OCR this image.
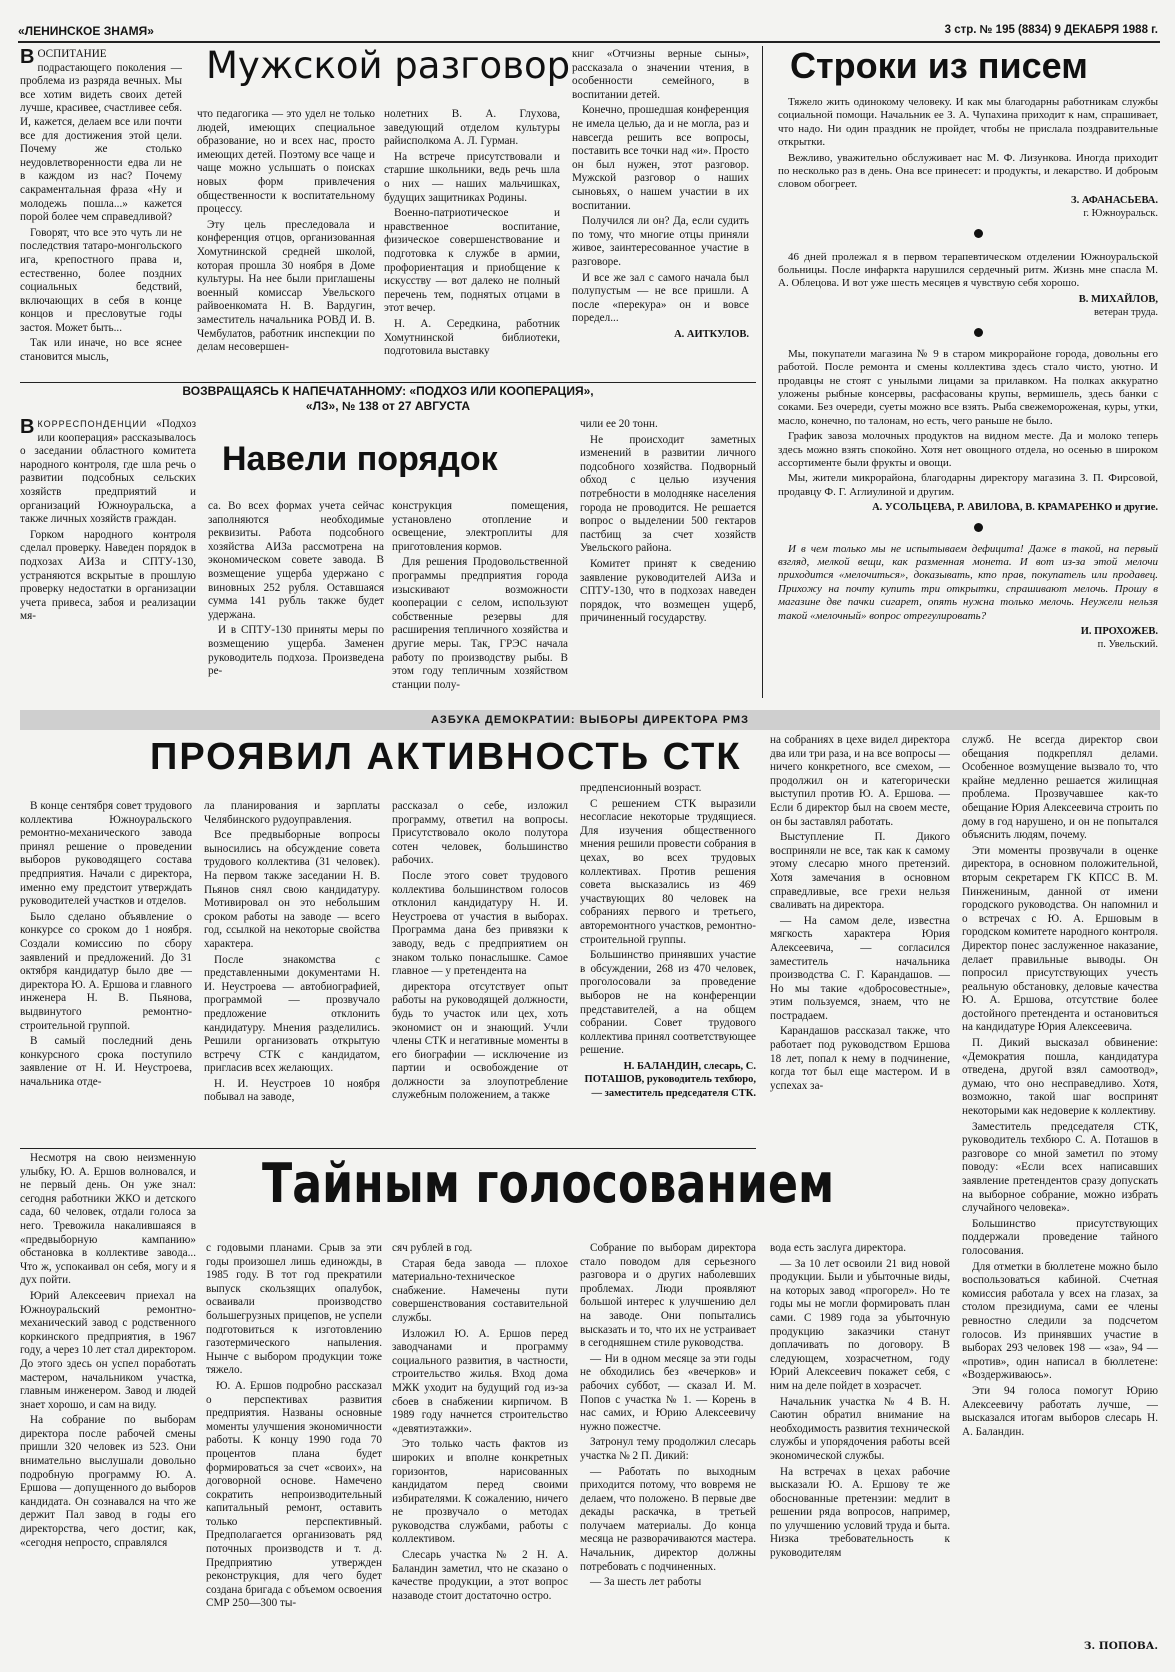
«ЛЕНИНСКОЕ ЗНАМЯ»	3 стр. № 195 (8834) 9 ДЕКАБРЯ 1988 г.

ВОСПИТАНИЕ подрастающего поколения — проблема из разряда вечных. Мы все хотим видеть своих детей лучше, красивее, счастливее себя. И, кажется, делаем все или почти все для достижения этой цели. Почему же столько неудовлетворенности едва ли не в каждом из нас? Почему сакраментальная фраза «Ну и молодежь пошла...» кажется порой более чем справедливой?

Говорят, что все это чуть ли не последствия татаро-монгольского ига, крепостного права и, естественно, более поздних социальных бедствий, включающих в себя в конце концов и пресловутые годы застоя. Может быть...

Так или иначе, но все яснее становится мысль,

Мужской разговор

что педагогика — это удел не только людей, имеющих специальное образование, но и всех нас, просто имеющих детей. Поэтому все чаще и чаще можно услышать о поисках новых форм привлечения общественности к воспитательному процессу.

Эту цель преследовала и конференция отцов, организованная Хомутнинской средней школой, которая прошла 30 ноября в Доме культуры. На нее были приглашены военный комиссар Увельского райвоенкомата Н. В. Вардугин, заместитель начальника РОВД И. В. Чембулатов, работник инспекции по делам несовершен-

нолетних В. А. Глухова, заведующий отделом культуры райисполкома А. Л. Гурман.

На встрече присутствовали и старшие школьники, ведь речь шла о них — наших мальчишках, будущих защитниках Родины.

Военно-патриотическое и нравственное воспитание, физическое совершенствование и подготовка к службе в армии, профориентация и приобщение к искусству — вот далеко не полный перечень тем, поднятых отцами в этот вечер.

Н. А. Середкина, работник Хомутнинской библиотеки, подготовила выставку

книг «Отчизны верные сыны», рассказала о значении чтения, в особенности семейного, в воспитании детей.

Конечно, прошедшая конференция не имела целью, да и не могла, раз и навсегда решить все вопросы, поставить все точки над «и». Просто он был нужен, этот разговор. Мужской разговор о наших сыновьях, о нашем участии в их воспитании.

Получился ли он? Да, если судить по тому, что многие отцы приняли живое, заинтересованное участие в разговоре.

И все же зал с самого начала был полупустым — не все пришли. А после «перекура» он и вовсе поредел...

А. АИТКУЛОВ.
Строки из писем

Тяжело жить одинокому человеку. И как мы благодарны работникам службы социальной помощи. Начальник ее З. А. Чупахина приходит к нам, спрашивает, что надо. Ни один праздник не пройдет, чтобы не прислала поздравительные открытки.

Вежливо, уважительно обслуживает нас М. Ф. Лизункова. Иногда приходит по несколько раз в день. Она все принесет: и продукты, и лекарство. И доброым словом обогреет.

З. АФАНАСЬЕВА.
г. Южноуральск.

46 дней пролежал я в первом терапевтическом отделении Южноуральской больницы. После инфаркта нарушился сердечный ритм. Жизнь мне спасла М. А. Облецова. И вот уже шесть месяцев я чувствую себя хорошо.

В. МИХАЙЛОВ,
ветеран труда.

Мы, покупатели магазина № 9 в старом микрорайоне города, довольны его работой. После ремонта и смены коллектива здесь стало чисто, уютно. И продавцы не стоят с унылыми лицами за прилавком. На полках аккуратно уложены рыбные консервы, расфасованы крупы, вермишель, здесь банки с соками. Без очереди, суеты можно все взять. Рыба свежемороженая, куры, утки, масло, конечно, по талонам, но есть, чего раньше не было.

График завоза молочных продуктов на видном месте. Да и молоко теперь здесь можно взять спокойно. Хотя нет овощного отдела, но осенью в широком ассортименте были фрукты и овощи.

Мы, жители микрорайона, благодарны директору магазина З. П. Фирсовой, продавцу Ф. Г. Аглиулиной и другим.

А. УСОЛЬЦЕВА, Р. АВИЛОВА, В. КРАМАРЕНКО и другие.

И в чем только мы не испытываем дефицита! Даже в такой, на первый взгляд, мелкой вещи, как разменная монета. И вот из-за этой мелочи приходится «мелочиться», доказывать, кто прав, покупатель или продавец. Прихожу на почту купить три открытки, спрашивают мелочь. Прошу в магазине две пачки сигарет, опять нужна только мелочь. Неужели нельзя такой «мелочный» вопрос отрегулировать?

И. ПРОХОЖЕВ.
п. Увельский.
ВОЗВРАЩАЯСЬ К НАПЕЧАТАННОМУ: «ПОДХОЗ ИЛИ КООПЕРАЦИЯ»,
«ЛЗ», № 138 от 27 АВГУСТА

ВКОРРЕСПОНДЕНЦИИ «Подхоз или кооперация» рассказывалось о заседании областного комитета народного контроля, где шла речь о развитии подсобных сельских хозяйств предприятий и организаций Южноуральска, а также личных хозяйств граждан.

Горком народного контроля сделал проверку. Наведен порядок в подхозах АИЗа и СПТУ-130, устраняются вскрытые в прошлую проверку недостатки в организации учета привеса, забоя и реализации мя-

Навели порядок

са. Во всех формах учета сейчас заполняются необходимые реквизиты. Работа подсобного хозяйства АИЗа рассмотрена на экономическом совете завода. В возмещение ущерба удержано с виновных 252 рубля. Оставшаяся сумма 141 рубль также будет удержана.

И в СПТУ-130 приняты меры по возмещению ущерба. Заменен руководитель подхоза. Произведена ре-

конструкция помещения, установлено отопление и освещение, электроплиты для приготовления кормов.

Для решения Продовольственной программы предприятия города изыскивают возможности кооперации с селом, используют собственные резервы для расширения тепличного хозяйства и другие меры. Так, ГРЭС начала работу по производству рыбы. В этом году тепличным хозяйством станции полу-

чили ее 20 тонн.

Не происходит заметных изменений в развитии личного подсобного хозяйства. Подворный обход с целью изучения потребности в молодняке населения города не проводится. Не решается вопрос о выделении 500 гектаров пастбищ за счет хозяйств Увельского района.

Комитет принят к сведению заявление руководителей АИЗа и СПТУ-130, что в подхозах наведен порядок, что возмещен ущерб, причиненный государству.

АЗБУКА ДЕМОКРАТИИ: ВЫБОРЫ ДИРЕКТОРА РМЗ
ПРОЯВИЛ АКТИВНОСТЬ СТК

В конце сентября совет трудового коллектива Южноуральского ремонтно-механического завода принял решение о проведении выборов руководящего состава предприятия. Начали с директора, именно ему предстоит утверждать руководителей участков и отделов.

Было сделано объявление о конкурсе со сроком до 1 ноября. Создали комиссию по сбору заявлений и предложений. До 31 октября кандидатур было две — директора Ю. А. Ершова и главного инженера Н. В. Пьянова, выдвинутого ремонтно-строительной группой.

В самый последний день конкурсного срока поступило заявление от Н. И. Неустроева, начальника отде-

ла планирования и зарплаты Челябинского рудоуправления.

Все предвыборные вопросы выносились на обсуждение совета трудового коллектива (31 человек). На первом также заседании Н. В. Пьянов снял свою кандидатуру. Мотивировал он это небольшим сроком работы на заводе — всего год, ссылкой на некоторые свойства характера.

После знакомства с представленными документами Н. И. Неустроева — автобиографией, программой — прозвучало предложение отклонить кандидатуру. Мнения разделились. Решили организовать открытую встречу СТК с кандидатом, пригласив всех желающих.

Н. И. Неустроев 10 ноября побывал на заводе,

рассказал о себе, изложил программу, ответил на вопросы. Присутствовало около полутора сотен человек, большинство рабочих.

После этого совет трудового коллектива большинством голосов отклонил кандидатуру Н. И. Неустроева от участия в выборах. Программа дана без привязки к заводу, ведь с предприятием он знаком только понаслышке. Самое главное — у претендента на

директора отсутствует опыт работы на руководящей должности, будь то участок или цех, хоть экономист он и знающий. Учли члены СТК и негативные моменты в его биографии — исключение из партии и освобождение от должности за злоупотребление служебным положением, а также

предпенсионный возраст.

С решением СТК выразили несогласие некоторые трудящиеся. Для изучения общественного мнения решили провести собрания в цехах, во всех трудовых коллективах. Против решения совета высказались из 469 участвующих 80 человек на собраниях первого и третьего, авторемонтного участков, ремонтно-строительной группы.

Большинство принявших участие в обсуждении, 268 из 470 человек, проголосовали за проведение выборов не на конференции представителей, а на общем собрании. Совет трудового коллектива принял соответствующее решение.

Н. БАЛАНДИН, слесарь, С. ПОТАШОВ, руководитель техбюро, — заместитель председателя СТК.

на собраниях в цехе видел директора два или три раза, и на все вопросы — ничего конкретного, все смехом, — продолжил он и категорически выступил против Ю. А. Ершова. — Если б директор был на своем месте, он бы заставлял работать.

Выступление П. Дикого восприняли не все, так как к самому этому слесарю много претензий. Хотя замечания в основном справедливые, все грехи нельзя сваливать на директора.

— На самом деле, известна мягкость характера Юрия Алексеевича, — согласился заместитель начальника производства С. Г. Карандашов. — Но мы такие «добросовестные», этим пользуемся, знаем, что не пострадаем.

Карандашов рассказал также, что работает под руководством Ершова 18 лет, попал к нему в подчинение, когда тот был еще мастером. И в успехах за-

служб. Не всегда директор свои обещания подкреплял делами. Особенное возмущение вызвало то, что крайне медленно решается жилищная проблема. Прозвучавшее как-то обещание Юрия Алексеевича строить по дому в год нарушено, и он не попытался объяснить людям, почему.

Эти моменты прозвучали в оценке директора, в основном положительной, вторым секретарем ГК КПСС В. М. Пинжениным, данной от имени городского руководства. Он напомнил и о встречах с Ю. А. Ершовым в городском комитете народного контроля. Директор понес заслуженное наказание, делает правильные выводы. Он попросил присутствующих учесть реальную обстановку, деловые качества Ю. А. Ершова, отсутствие более достойного претендента и остановиться на кандидатуре Юрия Алексеевича.

П. Дикий высказал обвинение: «Демократия пошла, кандидатура отведена, другой взял самоотвод», думаю, что оно несправедливо. Хотя, возможно, такой шаг воспринят некоторыми как недоверие к коллективу.

Заместитель председателя СТК, руководитель техбюро С. А. Поташов в разговоре со мной заметил по этому поводу: «Если всех написавших заявление претендентов сразу допускать на выборное собрание, можно избрать случайного человека».

Большинство присутствующих поддержали проведение тайного голосования.

Для отметки в бюллетене можно было воспользоваться кабиной. Счетная комиссия работала у всех на глазах, за столом президиума, сами ее члены ревностно следили за подсчетом голосов. Из принявших участие в выборах 293 человек 198 — «за», 94 — «против», один написал в бюллетене: «Воздерживаюсь».

Эти 94 голоса помогут Юрию Алексеевичу работать лучше, — высказался итогам выборов слесарь Н. А. Баландин.

З. ПОПОВА.
Тайным голосованием

Несмотря на свою неизменную улыбку, Ю. А. Ершов волновался, и не первый день. Он уже знал: сегодня работники ЖКО и детского сада, 60 человек, отдали голоса за него. Тревожила накалившаяся в «предвыборную кампанию» обстановка в коллективе завода... Что ж, успокаивал он себя, могу и я дух пойти.

Юрий Алексеевич приехал на Южноуральский ремонтно-механический завод с родственного коркинского предприятия, в 1967 году, а через 10 лет стал директором. До этого здесь он успел поработать мастером, начальником участка, главным инженером. Завод и людей знает хорошо, и сам на виду.

На собрание по выборам директора после рабочей смены пришли 320 человек из 523. Они внимательно выслушали довольно подробную программу Ю. А. Ершова — допущенного до выборов кандидата. Он сознавался на что же держит Пал завод в годы его директорства, чего достиг, как, «сегодня непросто, справлялся

с годовыми планами. Срыв за эти годы произошел лишь единожды, в 1985 году. В тот год прекратили выпуск скользящих опалубок, осваивали производство большегрузных прицепов, не успели подготовиться к изготовлению газотермического напыления. Нынче с выбором продукции тоже тяжело.

Ю. А. Ершов подробно рассказал о перспективах развития предприятия. Названы основные моменты улучшения экономичности работы. К концу 1990 года 70 процентов плана будет формироваться за счет «своих», на договорной основе. Намечено сократить непроизводительный капитальный ремонт, оставить только перспективный. Предполагается организовать ряд поточных производств и т. д. Предприятию утвержден реконструкция, для чего будет создана бригада с объемом освоения СМР 250—300 ты-

сяч рублей в год.

Старая беда завода — плохое материально-техническое снабжение. Намечены пути совершенствования составительной службы.

Изложил Ю. А. Ершов перед заводчанами и программу социального развития, в частности, строительство жилья. Вход дома МЖК уходит на будущий год из-за сбоев в снабжении кирпичом. В 1989 году начнется строительство «девятиэтажки».

Это только часть фактов из широких и вполне конкретных горизонтов, нарисованных кандидатом перед своими избирателями. К сожалению, ничего не прозвучало о методах руководства службами, работы с коллективом.

Слесарь участка № 2 Н. А. Баландин заметил, что не сказано о качестве продукции, а этот вопрос назаводе стоит достаточно остро.

Собрание по выборам директора стало поводом для серьезного разговора и о других наболевших проблемах. Люди проявляют большой интерес к улучшению дел на заводе. Они попытались высказать и то, что их не устраивает в сегодняшнем стиле руководства.

— Ни в одном месяце за эти годы не обходились без «вечерков» и рабочих суббот, — сказал И. М. Попов с участка № 1. — Корень в нас самих, и Юрию Алексеевичу нужно пожестче.

Затронул тему продолжил слесарь участка № 2 П. Дикий:

— Работать по выходным приходится потому, что вовремя не делаем, что положено. В первые две декады раскачка, в третьей получаем материалы. До конца месяца не разворачиваются мастера. Начальник, директор должны потребовать с подчиненных.

— За шесть лет работы

вода есть заслуга директора.

— За 10 лет освоили 21 вид новой продукции. Были и убыточные виды, на которых завод «прогорел». Но те годы мы не могли формировать план сами. С 1989 года за убыточную продукцию заказчики станут доплачивать по договору. В следующем, хозрасчетном, году Юрий Алексеевич покажет себя, с ним на деле пойдет в хозрасчет.

Начальник участка № 4 В. Н. Саютин обратил внимание на необходимость развития технической службы и упорядочения работы всей экономической службы.

На встречах в цехах рабочие высказали Ю. А. Ершову те же обоснованные претензии: медлит в решении ряда вопросов, например, по улучшению условий труда и быта. Низка требовательность к руководителям
